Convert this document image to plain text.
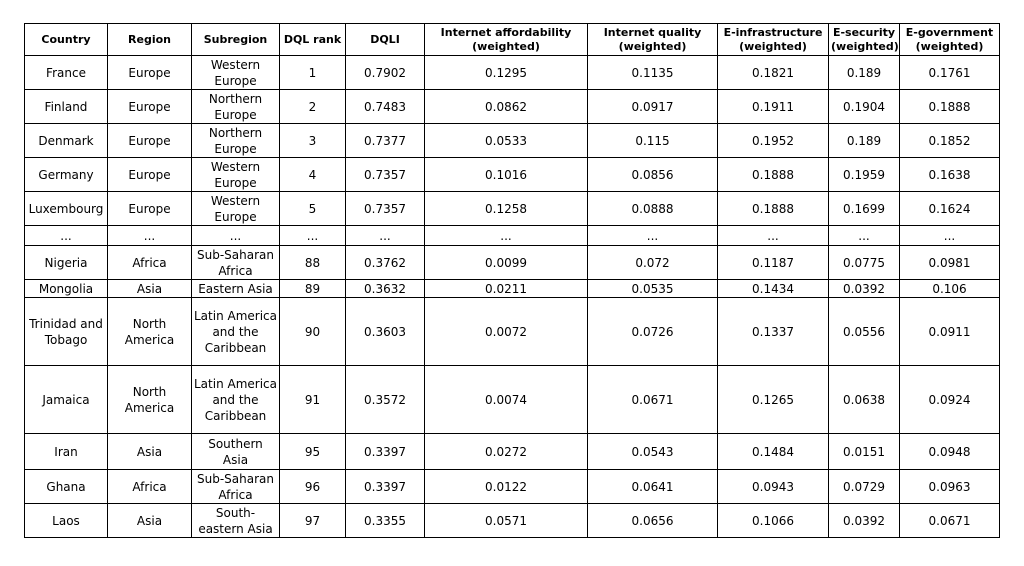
Country	Region	Subregion	DQL rank	DQLI	Internet affordability (weighted)	Internet quality (weighted)	E-infrastructure (weighted)	E-security (weighted)	E-government (weighted)
France	Europe	Western Europe	1	0.7902	0.1295	0.1135	0.1821	0.189	0.1761
Finland	Europe	Northern Europe	2	0.7483	0.0862	0.0917	0.1911	0.1904	0.1888
Denmark	Europe	Northern Europe	3	0.7377	0.0533	0.115	0.1952	0.189	0.1852
Germany	Europe	Western Europe	4	0.7357	0.1016	0.0856	0.1888	0.1959	0.1638
Luxembourg	Europe	Western Europe	5	0.7357	0.1258	0.0888	0.1888	0.1699	0.1624
...	...	...	...	...	...	...	...	...	...
Nigeria	Africa	Sub-Saharan Africa	88	0.3762	0.0099	0.072	0.1187	0.0775	0.0981
Mongolia	Asia	Eastern Asia	89	0.3632	0.0211	0.0535	0.1434	0.0392	0.106
Trinidad and Tobago	North America	Latin America and the Caribbean	90	0.3603	0.0072	0.0726	0.1337	0.0556	0.0911
Jamaica	North America	Latin America and the Caribbean	91	0.3572	0.0074	0.0671	0.1265	0.0638	0.0924
Iran	Asia	Southern Asia	95	0.3397	0.0272	0.0543	0.1484	0.0151	0.0948
Ghana	Africa	Sub-Saharan Africa	96	0.3397	0.0122	0.0641	0.0943	0.0729	0.0963
Laos	Asia	South-eastern Asia	97	0.3355	0.0571	0.0656	0.1066	0.0392	0.0671
